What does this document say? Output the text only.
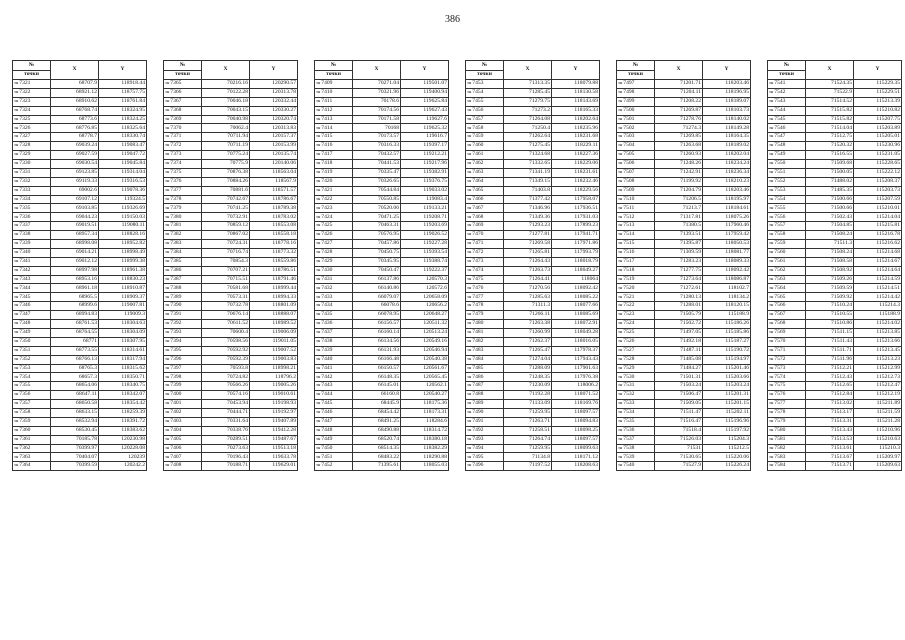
386
№	X	Y
точки		
зн7321	68707.9	118918.44
зн7322	68921.12	118757.75
зн7323	68910.62	118761.84
зн7324	68768.74	118324.95
зн7325	68773.6	118324.25
зн7326	68776.85	118325.64
зн7327	68778.7	118330.74
зн7328	69039.24	119083.47
зн7329	69027.59	119047.72
зн7330	69030.54	119045.84
зн7331	69123.85	119314.04
зн7332	69119.33	119316.53
зн7333	69002.6	119078.36
зн7334	69107.12	119324.5
зн7335	69103.85	119326.69
зн7336	69044.23	119150.03
зн7337	69019.51	119080.11
зн7338	68957.34	118828.16
зн7339	68998.08	118952.82
зн7340	69014.21	118998.49
зн7341	69012.12	118999.38
зн7342	68997.98	118961.38
зн7343	68953.16	118830.23
зн7344	68961.18	118910.87
зн7345	68965.5	118909.37
зн7346	68999.6	119007.81
зн7347	68994.83	119009.3
зн7348	68761.53	118304.63
зн7349	68764.55	118304.09
зн7350	68771	118307.95
зн7351	68773.55	118314.61
зн7352	68766.13	118317.94
зн7353	68765.3	118315.62
зн7354	68657.3	118350.71
зн7355	68654.06	118340.75
зн7356	68647.11	118342.07
зн7357	68650.58	118354.42
зн7358	68633.15	118259.39
зн7359	68532.94	118391.72
зн7360	68530.45	118383.62
зн7361	70185.78	120230.98
зн7362	70399.97	120228.08
зн7363	70404.07	120239
зн7364	70399.59	120242.2
№	X	Y
точки		
зн7365	70216.16	120290.57
зн7366	70122.28	120313.78
зн7367	70046.18	120332.44
зн7368	70043.15	120330.27
зн7369	70040.98	120320.74
зн7370	70062.4	120313.83
зн7371	70711.94	120157.37
зн7372	70711.19	120153.99
зн7373	70775.24	120135.74
зн7374	70775.9	120140.06
зн7375	70876.38	118563.04
зн7376	70884.26	118567.9
зн7377	70881.6	118571.57
зн7378	70742.67	118786.67
зн7379	70741.25	118789.38
зн7380	70732.91	118783.02
зн7381	70859.12	118553.08
зн7382	70867.02	118558.18
зн7383	70724.31	118778.16
зн7384	70716.74	118773.32
зн7385	70854.3	118559.86
зн7386	70707.21	118786.51
зн7387	70715.51	118791.46
зн7388	70581.68	118999.44
зн7389	70573.31	118994.33
зн7390	70732.78	118801.09
зн7391	70676.14	118888.07
зн7392	70611.52	118989.52
зн7393	70600.4	119006.09
зн7394	70598.56	119011.05
зн7395	70592.92	119007.52
зн7396	70592.39	119003.83
зн7397	70593.8	118998.21
зн7398	70724.82	118796.2
зн7399	70566.26	119005.26
зн7400	70574.16	119010.61
зн7401	70453.94	119198.93
зн7402	70444.71	119192.97
зн7403	70331.64	119407.89
зн7404	70338.76	119412.28
зн7405	70289.51	119487.67
зн7406	70273.63	119513.18
зн7407	70196.43	119633.78
зн7408	70188.71	119629.01
№	X	Y
точки		
зн7409	70271.04	119501.07
зн7410	70321.96	119400.94
зн7411	70178.6	119625.84
зн7412	70174.56	119627.43
зн7413	70171.58	119627.6
зн7414	70168	119625.32
зн7415	70173.57	119616.7
зн7416	70316.33	119397.17
зн7417	70432.57	119212.21
зн7418	70441.53	119217.96
зн7419	70335.47	119382.91
зн7420	70326.65	119376.75
зн7421	70544.84	119033.02
зн7422	70550.85	119083.4
зн7423	70520.06	119133.21
зн7424	70471.25	119208.71
зн7425	70463.31	119203.69
зн7426	70576.95	119026.52
зн7427	70457.86	119227.28
зн7428	70450.75	119393.54
зн7429	70345.95	119388.74
зн7430	70450.47	119222.37
зн7431	66137.86	120570.3
зн7432	66140.86	120572.6
зн7433	66079.07	120658.09
зн7434	66078.6	120656.2
зн7435	66078.95	120648.27
зн7436	66156.57	120511.32
зн7437	66160.14	120513.24
зн7438	66134.56	120549.16
зн7439	66131.93	120546.94
зн7440	66166.48	120540.38
зн7441	66150.57	120561.67
зн7442	66148.35	120565.45
зн7443	66145.01	120562.1
зн7444	66160.8	120540.27
зн7445	68445.9	118175.36
зн7446	68454.42	118173.31
зн7447	68491.25	118284.6
зн7448	68490.88	118314.72
зн7449	68520.74	118380.18
зн7450	68514.35	118382.29
зн7451	68483.22	118290.88
зн7452	71395.61	118055.03
№	X	Y
точки		
зн7453	71313.35	118079.88
зн7454	71285.45	118130.58
зн7455	71279.75	118143.69
зн7456	71273.2	118165.33
зн7457	71264.08	118202.64
зн7458	71250.4	118235.96
зн7459	71262.64	118231.68
зн7460	71275.45	118229.11
зн7461	71324.68	118227.36
зн7462	71332.65	118229.06
зн7463	71341.19	118231.61
зн7464	71349.15	118232.46
зн7465	71403.8	118229.56
зн7466	71377.42	117958.07
зн7467	71346.96	117936.51
зн7468	71349.36	117931.03
зн7469	71293.23	117899.23
зн7470	71277.81	117941.71
зн7471	71269.58	117971.86
зн7472	71265.81	117993.79
зн7473	71264.43	118018.79
зн7474	71263.73	118049.27
зн7475	71264.41	118064
зн7476	71270.56	118092.42
зн7477	71285.63	118085.22
зн7478	71311.3	118077.66
зн7479	71266.11	118085.69
зн7480	71263.38	118072.91
зн7481	71260.99	118049.28
зн7482	71262.37	118016.05
зн7483	71265.47	117978.37
зн7484	71274.04	117943.43
зн7485	71288.09	117901.63
зн7486	71248.35	117976.38
зн7487	71230.09	118006.2
зн7488	71192.28	118071.52
зн7489	71133.09	118169.76
зн7490	71259.95	118097.57
зн7491	71263.71	118094.83
зн7492	71258.51	118098.25
зн7493	71264.74	118097.57
зн7494	71259.95	118099.63
зн7495	71134.8	118171.12
зн7496	71197.52	118208.63
№	X	Y
точки		
зн7497	71201.71	118203.46
зн7498	71204.11	118196.95
зн7499	71208.22	118189.07
зн7500	71269.87	118103.73
зн7501	71278.76	118140.02
зн7502	71274.3	118149.28
зн7503	71269.85	118164.35
зн7504	71263.68	118189.02
зн7505	71260.93	118202.04
зн7506	71248.26	118234.24
зн7507	71242.91	118236.34
зн7508	71199.92	118210.23
зн7509	71204.79	118203.46
зн7510	71206.5	118195.97
зн7511	71213.7	118184.61
зн7512	71317.81	118075.26
зн7513	71380.5	117960.46
зн7514	71393.51	117959.42
зн7515	71395.87	118050.53
зн7516	71309.59	118081.77
зн7517	71283.23	118089.33
зн7518	71277.75	118092.42
зн7519	71273.64	118086.87
зн7520	71272.61	118102.7
зн7521	71280.13	118134.2
зн7522	71288.01	118120.15
зн7523	71505.79	115188.9
зн7524	71502.72	115186.26
зн7525	71497.05	115185.86
зн7526	71492.18	115187.27
зн7527	71487.11	115190.72
зн7528	71485.08	115194.97
зн7529	71484.27	115201.46
зн7530	71501.31	115203.66
зн7531	71503.24	115203.24
зн7532	71506.47	115201.31
зн7533	71509.05	115201.15
зн7534	71511.47	115202.11
зн7535	71516.47	115196.96
зн7536	71518.4	115197.92
зн7537	71526.03	115204.3
зн7538	71531	115212.5
зн7539	71530.65	115220.06
зн7540	71527.9	115226.24
№	X	Y
точки		
зн7541	71524.35	115229.35
зн7542	71522.9	115229.51
зн7543	71514.52	115213.39
зн7544	71515.82	115210.82
зн7545	71515.82	115207.75
зн7546	71514.04	115203.89
зн7547	71512.75	115205.01
зн7548	71520.32	115230.96
зн7549	71516.55	115231.05
зн7550	71509.68	115228.65
зн7551	71500.05	115222.12
зн7552	71488.02	115208.37
зн7553	71485.35	115203.73
зн7554	71500.66	115207.59
зн7555	71500.66	115210.01
зн7556	71502.43	115214.04
зн7557	71504.85	115215.81
зн7558	71508.24	115216.78
зн7559	71511.3	115216.62
зн7560	71508.24	115214.68
зн7561	71508.58	115214.67
зн7562	71508.92	115214.64
зн7563	71509.26	115214.59
зн7564	71509.59	115214.51
зн7565	71509.92	115214.42
зн7566	71510.24	115214.3
зн7567	71510.55	115188.9
зн7568	71510.86	115214.02
зн7569	71511.15	115213.85
зн7570	71511.43	115213.66
зн7571	71511.71	115213.45
зн7572	71511.96	115213.23
зн7573	71512.21	115212.99
зн7574	71512.43	115212.73
зн7575	71512.65	115212.47
зн7576	71512.84	115212.19
зн7577	71513.02	115211.89
зн7578	71513.17	115211.59
зн7579	71513.31	115211.28
зн7580	71513.43	115210.96
зн7581	71513.53	115210.63
зн7582	71513.61	115210.3
зн7583	71513.67	115209.97
зн7584	71513.71	115209.63
